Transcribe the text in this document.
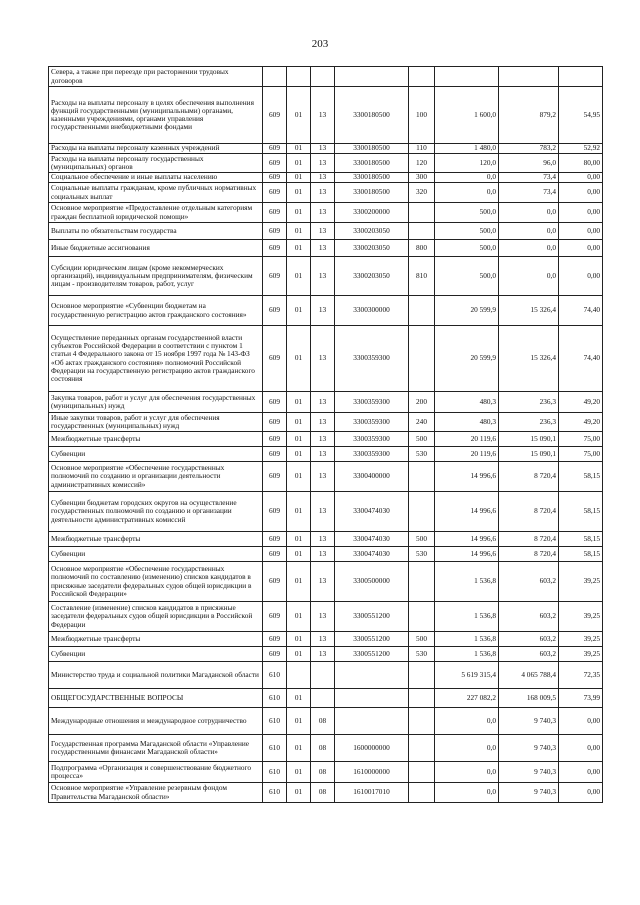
203
Севера, а также при переезде при расторжении трудовых договоров								
Расходы на выплаты персоналу в целях обеспечения выполнения функций государственными (муниципальными) органами, казенными учреждениями, органами управления государственными внебюджетными фондами	609	01	13	3300180500	100	1 600,0	879,2	54,95
Расходы на выплаты персоналу казенных учреждений	609	01	13	3300180500	110	1 480,0	783,2	52,92
Расходы на выплаты персоналу государственных (муниципальных) органов	609	01	13	3300180500	120	120,0	96,0	80,00
Социальное обеспечение и иные выплаты населению	609	01	13	3300180500	300	0,0	73,4	0,00
Социальные выплаты гражданам, кроме публичных нормативных социальных выплат	609	01	13	3300180500	320	0,0	73,4	0,00
Основное мероприятие «Предоставление отдельным категориям граждан бесплатной юридической помощи»	609	01	13	3300200000		500,0	0,0	0,00
Выплаты по обязательствам государства	609	01	13	3300203050		500,0	0,0	0,00
Иные бюджетные ассигнования	609	01	13	3300203050	800	500,0	0,0	0,00
Субсидии юридическим лицам (кроме некоммерческих организаций), индивидуальным предпринимателям, физическим лицам - производителям товаров, работ, услуг	609	01	13	3300203050	810	500,0	0,0	0,00
Основное мероприятие «Субвенции бюджетам на государственную регистрацию актов гражданского состояния»	609	01	13	3300300000		20 599,9	15 326,4	74,40
Осуществление переданных органам государственной власти субъектов Российской Федерации в соответствии с пунктом 1 статьи 4 Федерального закона от 15 ноября 1997 года № 143-ФЗ «Об актах гражданского состояния» полномочий Российской Федерации на государственную регистрацию актов гражданского состояния	609	01	13	3300359300		20 599,9	15 326,4	74,40
Закупка товаров, работ и услуг для обеспечения государственных (муниципальных) нужд	609	01	13	3300359300	200	480,3	236,3	49,20
Иные закупки товаров, работ и услуг для обеспечения государственных (муниципальных) нужд	609	01	13	3300359300	240	480,3	236,3	49,20
Межбюджетные трансферты	609	01	13	3300359300	500	20 119,6	15 090,1	75,00
Субвенции	609	01	13	3300359300	530	20 119,6	15 090,1	75,00
Основное мероприятие «Обеспечение государственных полномочий по созданию и организации деятельности административных комиссий»	609	01	13	3300400000		14 996,6	8 720,4	58,15
Субвенции бюджетам городских округов на осуществление государственных полномочий по созданию и организации деятельности административных комиссий	609	01	13	3300474030		14 996,6	8 720,4	58,15
Межбюджетные трансферты	609	01	13	3300474030	500	14 996,6	8 720,4	58,15
Субвенции	609	01	13	3300474030	530	14 996,6	8 720,4	58,15
Основное мероприятие «Обеспечение государственных полномочий по составлению (изменению) списков кандидатов в присяжные заседатели федеральных судов общей юрисдикции в Российской Федерации»	609	01	13	3300500000		1 536,8	603,2	39,25
Составление (изменение) списков кандидатов в присяжные заседатели федеральных судов общей юрисдикции в Российской Федерации	609	01	13	3300551200		1 536,8	603,2	39,25
Межбюджетные трансферты	609	01	13	3300551200	500	1 536,8	603,2	39,25
Субвенции	609	01	13	3300551200	530	1 536,8	603,2	39,25
Министерство труда и социальной политики Магаданской области	610					5 619 315,4	4 065 788,4	72,35
ОБЩЕГОСУДАРСТВЕННЫЕ ВОПРОСЫ	610	01				227 082,2	168 009,5	73,99
Международные отношения и международное сотрудничество	610	01	08			0,0	9 740,3	0,00
Государственная программа Магаданской области «Управление государственными финансами Магаданской области»	610	01	08	1600000000		0,0	9 740,3	0,00
Подпрограмма «Организация и совершенствование бюджетного процесса»	610	01	08	1610000000		0,0	9 740,3	0,00
Основное мероприятие «Управление резервным фондом Правительства Магаданской области»	610	01	08	1610017010		0,0	9 740,3	0,00
